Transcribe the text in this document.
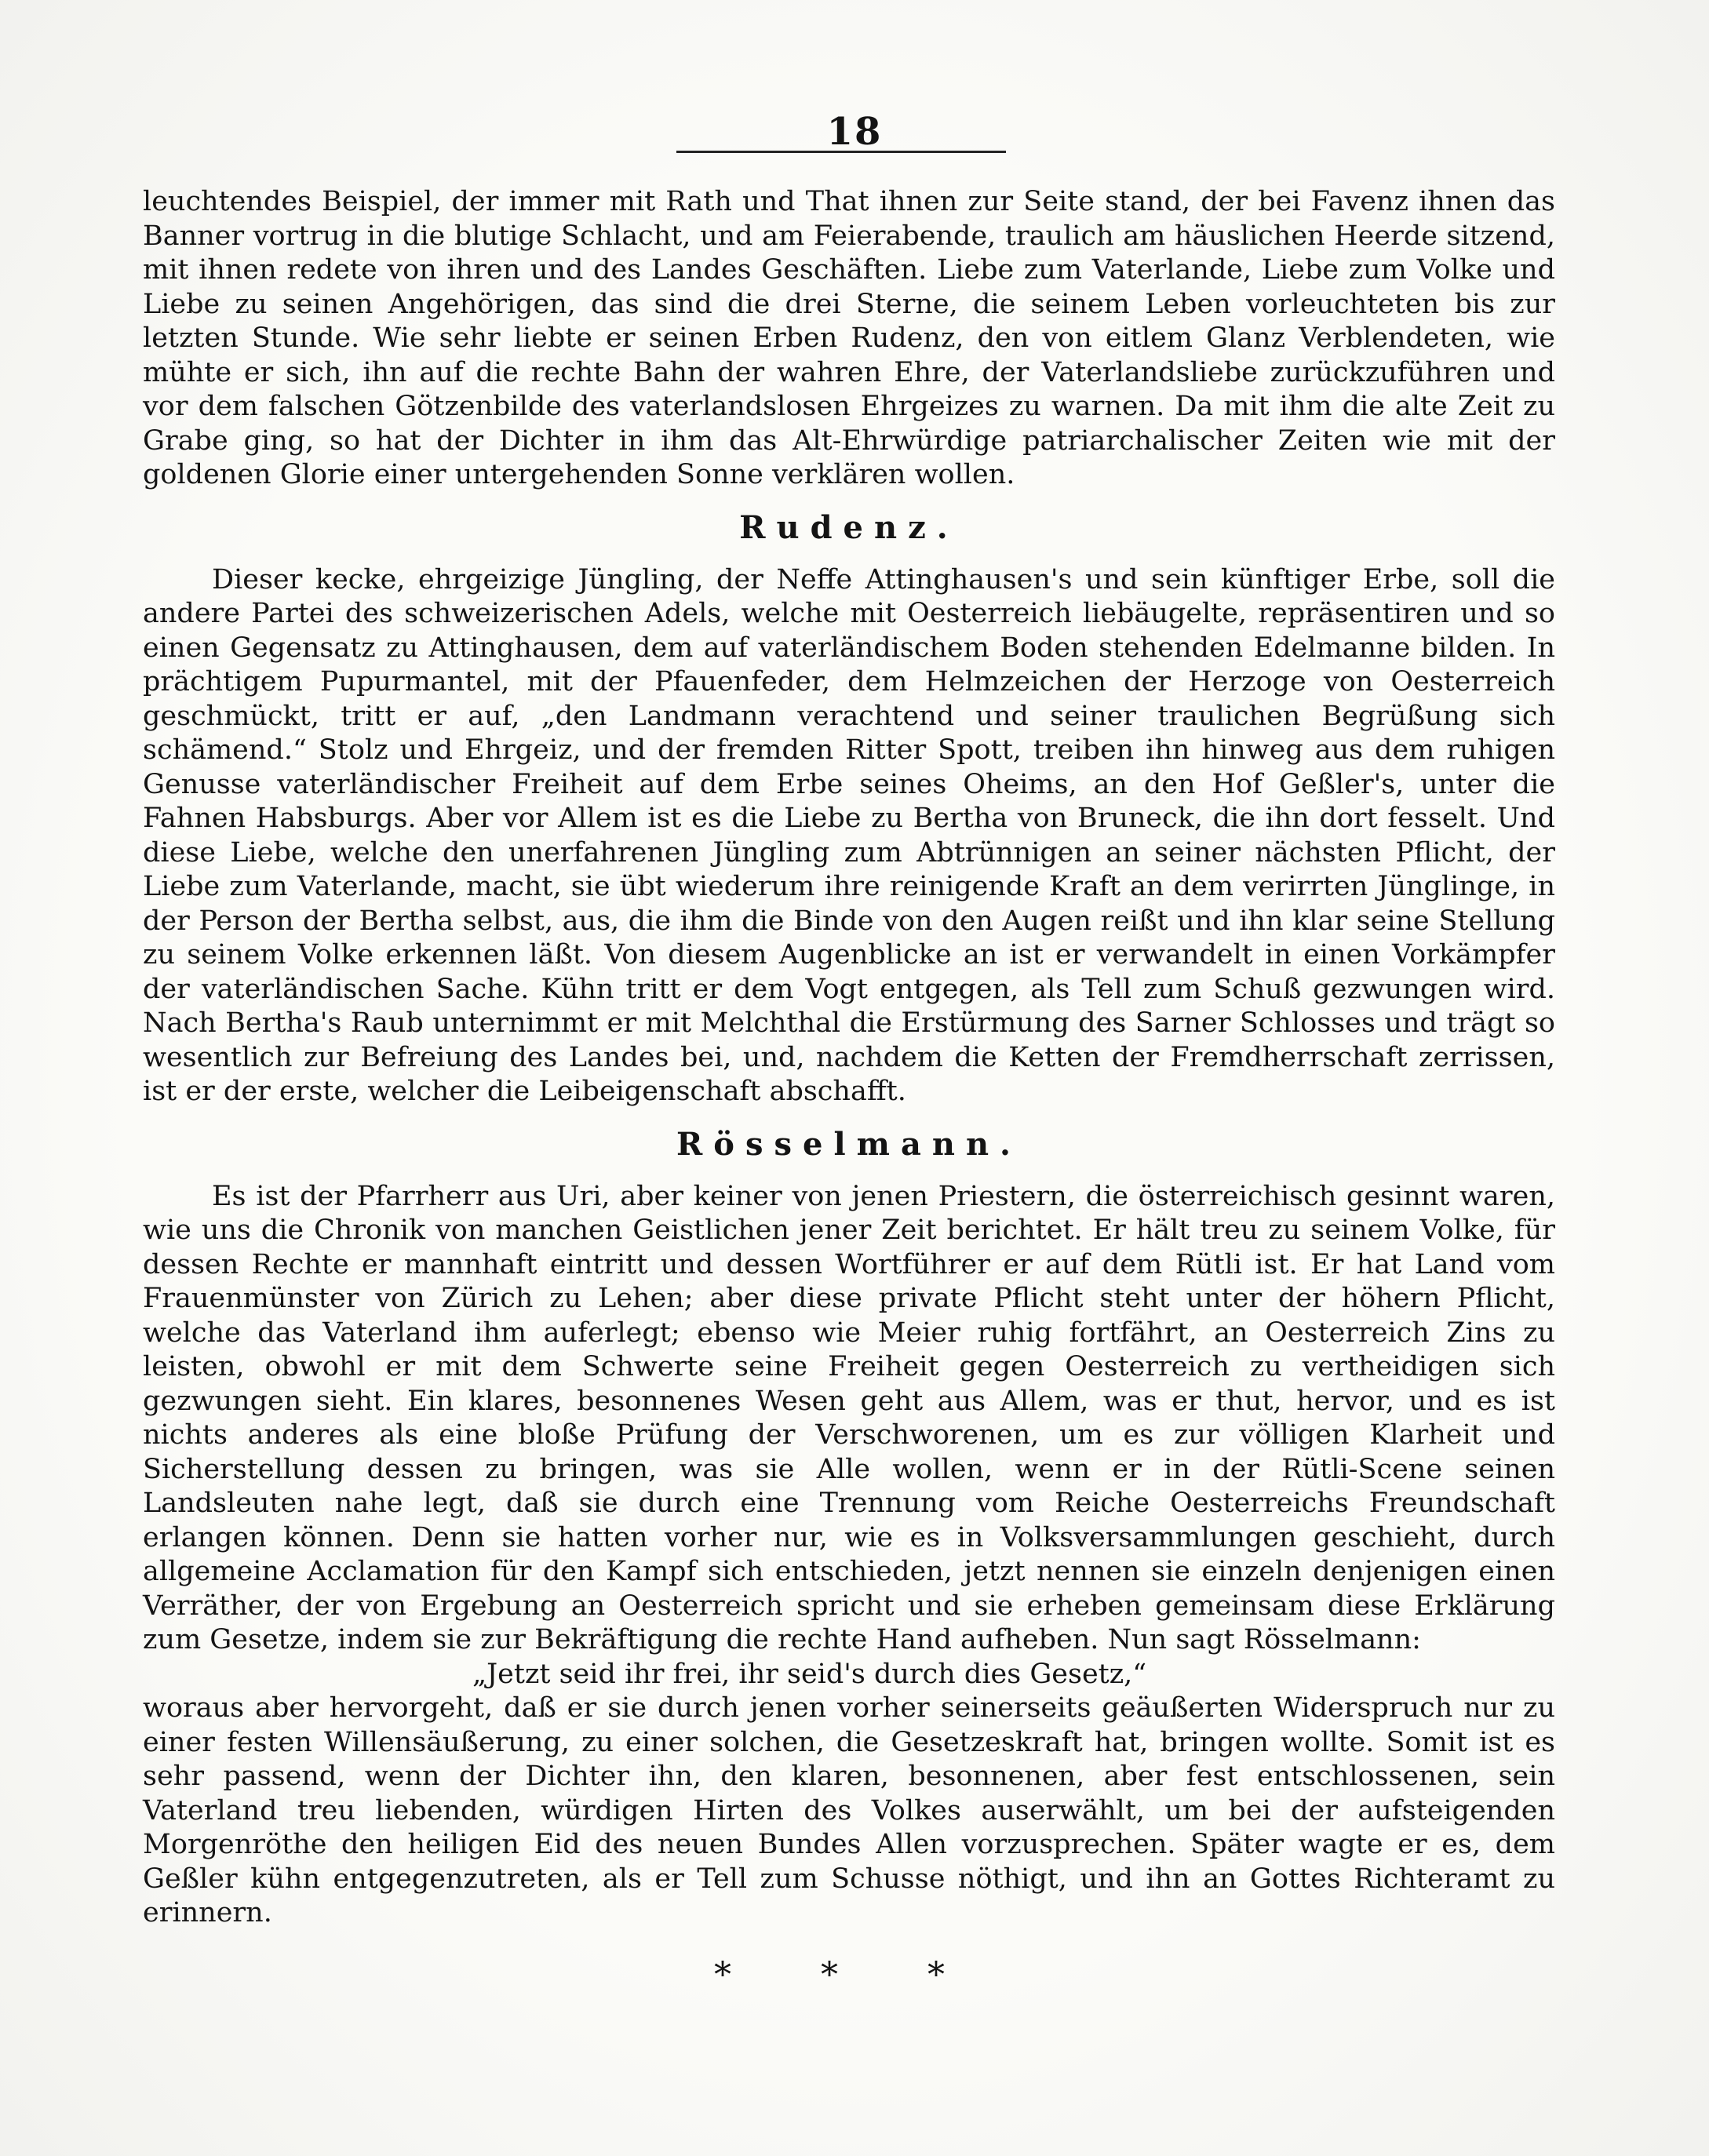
18

leuchtendes Beispiel, der immer mit Rath und That ihnen zur Seite stand, der bei Favenz ihnen das Banner vortrug in die blutige Schlacht, und am Feierabende, traulich am häuslichen Heerde sitzend, mit ihnen redete von ihren und des Landes Geschäften. Liebe zum Vaterlande, Liebe zum Volke und Liebe zu seinen Angehörigen, das sind die drei Sterne, die seinem Leben vorleuchteten bis zur letzten Stunde. Wie sehr liebte er seinen Erben Rudenz, den von eitlem Glanz Verblendeten, wie mühte er sich, ihn auf die rechte Bahn der wahren Ehre, der Vaterlandsliebe zurückzuführen und vor dem falschen Götzenbilde des vaterlandslosen Ehrgeizes zu warnen. Da mit ihm die alte Zeit zu Grabe ging, so hat der Dichter in ihm das Alt-Ehrwürdige patriarchalischer Zeiten wie mit der goldenen Glorie einer untergehenden Sonne verklären wollen.

Rudenz.

Dieser kecke, ehrgeizige Jüngling, der Neffe Attinghausen's und sein künftiger Erbe, soll die andere Partei des schweizerischen Adels, welche mit Oesterreich liebäugelte, repräsentiren und so einen Gegensatz zu Attinghausen, dem auf vaterländischem Boden stehenden Edelmanne bilden. In prächtigem Pupurmantel, mit der Pfauenfeder, dem Helmzeichen der Herzoge von Oesterreich geschmückt, tritt er auf, „den Landmann verachtend und seiner traulichen Begrüßung sich schämend.“ Stolz und Ehrgeiz, und der fremden Ritter Spott, treiben ihn hinweg aus dem ruhigen Genusse vaterländischer Freiheit auf dem Erbe seines Oheims, an den Hof Geßler's, unter die Fahnen Habsburgs. Aber vor Allem ist es die Liebe zu Bertha von Bruneck, die ihn dort fesselt. Und diese Liebe, welche den unerfahrenen Jüngling zum Abtrünnigen an seiner nächsten Pflicht, der Liebe zum Vaterlande, macht, sie übt wiederum ihre reinigende Kraft an dem verirrten Jünglinge, in der Person der Bertha selbst, aus, die ihm die Binde von den Augen reißt und ihn klar seine Stellung zu seinem Volke erkennen läßt. Von diesem Augenblicke an ist er verwandelt in einen Vorkämpfer der vaterländischen Sache. Kühn tritt er dem Vogt entgegen, als Tell zum Schuß gezwungen wird. Nach Bertha's Raub unternimmt er mit Melchthal die Erstürmung des Sarner Schlosses und trägt so wesentlich zur Befreiung des Landes bei, und, nachdem die Ketten der Fremdherrschaft zerrissen, ist er der erste, welcher die Leibeigenschaft abschafft.

Rösselmann.

Es ist der Pfarrherr aus Uri, aber keiner von jenen Priestern, die österreichisch gesinnt waren, wie uns die Chronik von manchen Geistlichen jener Zeit berichtet. Er hält treu zu seinem Volke, für dessen Rechte er mannhaft eintritt und dessen Wortführer er auf dem Rütli ist. Er hat Land vom Frauenmünster von Zürich zu Lehen; aber diese private Pflicht steht unter der höhern Pflicht, welche das Vaterland ihm auferlegt; ebenso wie Meier ruhig fortfährt, an Oesterreich Zins zu leisten, obwohl er mit dem Schwerte seine Freiheit gegen Oesterreich zu vertheidigen sich gezwungen sieht. Ein klares, besonnenes Wesen geht aus Allem, was er thut, hervor, und es ist nichts anderes als eine bloße Prüfung der Verschworenen, um es zur völligen Klarheit und Sicherstellung dessen zu bringen, was sie Alle wollen, wenn er in der Rütli-Scene seinen Landsleuten nahe legt, daß sie durch eine Trennung vom Reiche Oesterreichs Freundschaft erlangen können. Denn sie hatten vorher nur, wie es in Volksversammlungen geschieht, durch allgemeine Acclamation für den Kampf sich entschieden, jetzt nennen sie einzeln denjenigen einen Verräther, der von Ergebung an Oesterreich spricht und sie erheben gemeinsam diese Erklärung zum Gesetze, indem sie zur Bekräftigung die rechte Hand aufheben. Nun sagt Rösselmann:

„Jetzt seid ihr frei, ihr seid's durch dies Gesetz,“

woraus aber hervorgeht, daß er sie durch jenen vorher seinerseits geäußerten Widerspruch nur zu einer festen Willensäußerung, zu einer solchen, die Gesetzeskraft hat, bringen wollte. Somit ist es sehr passend, wenn der Dichter ihn, den klaren, besonnenen, aber fest entschlossenen, sein Vaterland treu liebenden, würdigen Hirten des Volkes auserwählt, um bei der aufsteigenden Morgenröthe den heiligen Eid des neuen Bundes Allen vorzusprechen. Später wagte er es, dem Geßler kühn entgegenzutreten, als er Tell zum Schusse nöthigt, und ihn an Gottes Richteramt zu erinnern.

* * *
